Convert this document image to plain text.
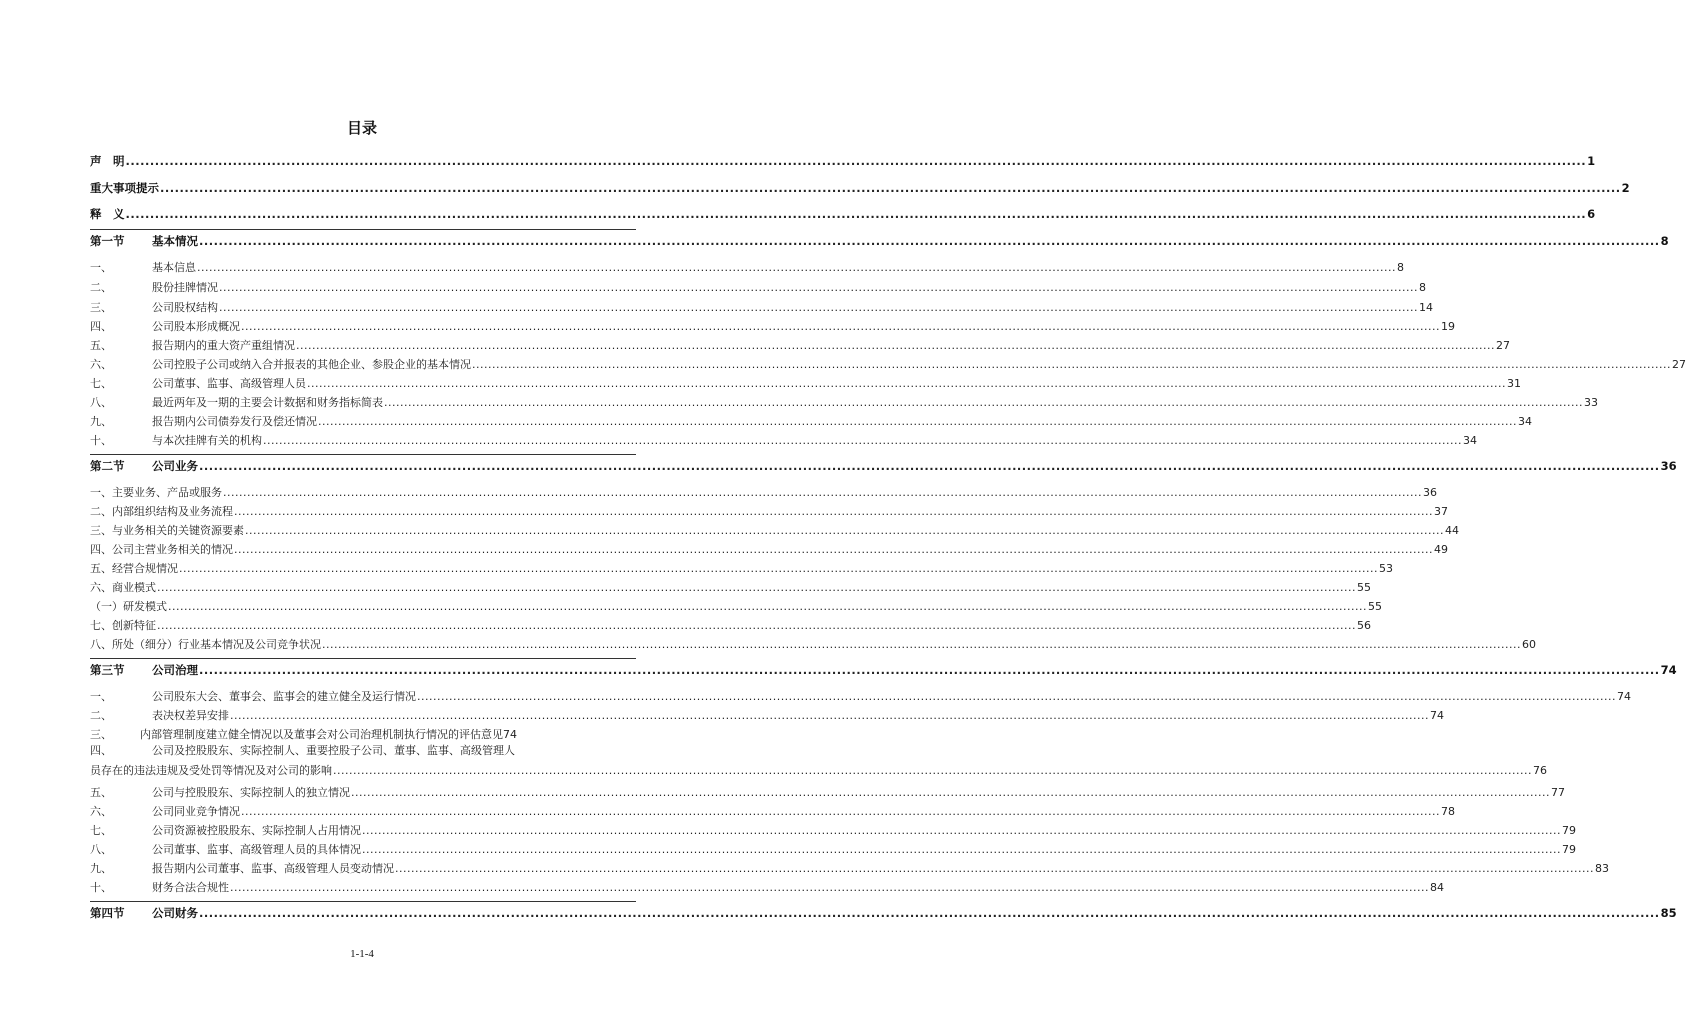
目录
声　明 ............................................................................................................................................................................................................................................................................................................ 1
重大事项提示 ............................................................................................................................................................................................................................................................................................................ 2
释　义 ............................................................................................................................................................................................................................................................................................................ 6
第一节	基本情况 ............................................................................................................................................................................................................................................................................................................ 8
一、	基本信息 ............................................................................................................................................................................................................................................................................................................ 8
二、	股份挂牌情况 ............................................................................................................................................................................................................................................................................................................ 8
三、	公司股权结构 ............................................................................................................................................................................................................................................................................................................ 14
四、	公司股本形成概况 ............................................................................................................................................................................................................................................................................................................ 19
五、	报告期内的重大资产重组情况 ............................................................................................................................................................................................................................................................................................................ 27
六、	公司控股子公司或纳入合并报表的其他企业、参股企业的基本情况 ............................................................................................................................................................................................................................................................................................................ 27
七、	公司董事、监事、高级管理人员 ............................................................................................................................................................................................................................................................................................................ 31
八、	最近两年及一期的主要会计数据和财务指标简表 ............................................................................................................................................................................................................................................................................................................ 33
九、	报告期内公司债券发行及偿还情况 ............................................................................................................................................................................................................................................................................................................ 34
十、	与本次挂牌有关的机构 ............................................................................................................................................................................................................................................................................................................ 34
第二节	公司业务 ............................................................................................................................................................................................................................................................................................................ 36
一、主要业务、产品或服务 ............................................................................................................................................................................................................................................................................................................ 36
二、内部组织结构及业务流程 ............................................................................................................................................................................................................................................................................................................ 37
三、与业务相关的关键资源要素 ............................................................................................................................................................................................................................................................................................................ 44
四、公司主营业务相关的情况 ............................................................................................................................................................................................................................................................................................................ 49
五、经营合规情况 ............................................................................................................................................................................................................................................................................................................ 53
六、商业模式 ............................................................................................................................................................................................................................................................................................................ 55
（一）研发模式 ............................................................................................................................................................................................................................................................................................................ 55
七、创新特征 ............................................................................................................................................................................................................................................................................................................ 56
八、所处（细分）行业基本情况及公司竞争状况 ............................................................................................................................................................................................................................................................................................................ 60
第三节	公司治理 ............................................................................................................................................................................................................................................................................................................ 74
一、	公司股东大会、董事会、监事会的建立健全及运行情况 ............................................................................................................................................................................................................................................................................................................ 74
二、	表决权差异安排 ............................................................................................................................................................................................................................................................................................................ 74
三、	内部管理制度建立健全情况以及董事会对公司治理机制执行情况的评估意见 74
四、	公司及控股股东、实际控制人、重要控股子公司、董事、监事、高级管理人
员存在的违法违规及受处罚等情况及对公司的影响 ............................................................................................................................................................................................................................................................................................................ 76
五、	公司与控股股东、实际控制人的独立情况 ............................................................................................................................................................................................................................................................................................................ 77
六、	公司同业竞争情况 ............................................................................................................................................................................................................................................................................................................ 78
七、	公司资源被控股股东、实际控制人占用情况 ............................................................................................................................................................................................................................................................................................................ 79
八、	公司董事、监事、高级管理人员的具体情况 ............................................................................................................................................................................................................................................................................................................ 79
九、	报告期内公司董事、监事、高级管理人员变动情况 ............................................................................................................................................................................................................................................................................................................ 83
十、	财务合法合规性 ............................................................................................................................................................................................................................................................................................................ 84
第四节	公司财务 ............................................................................................................................................................................................................................................................................................................ 85

1-1-4
